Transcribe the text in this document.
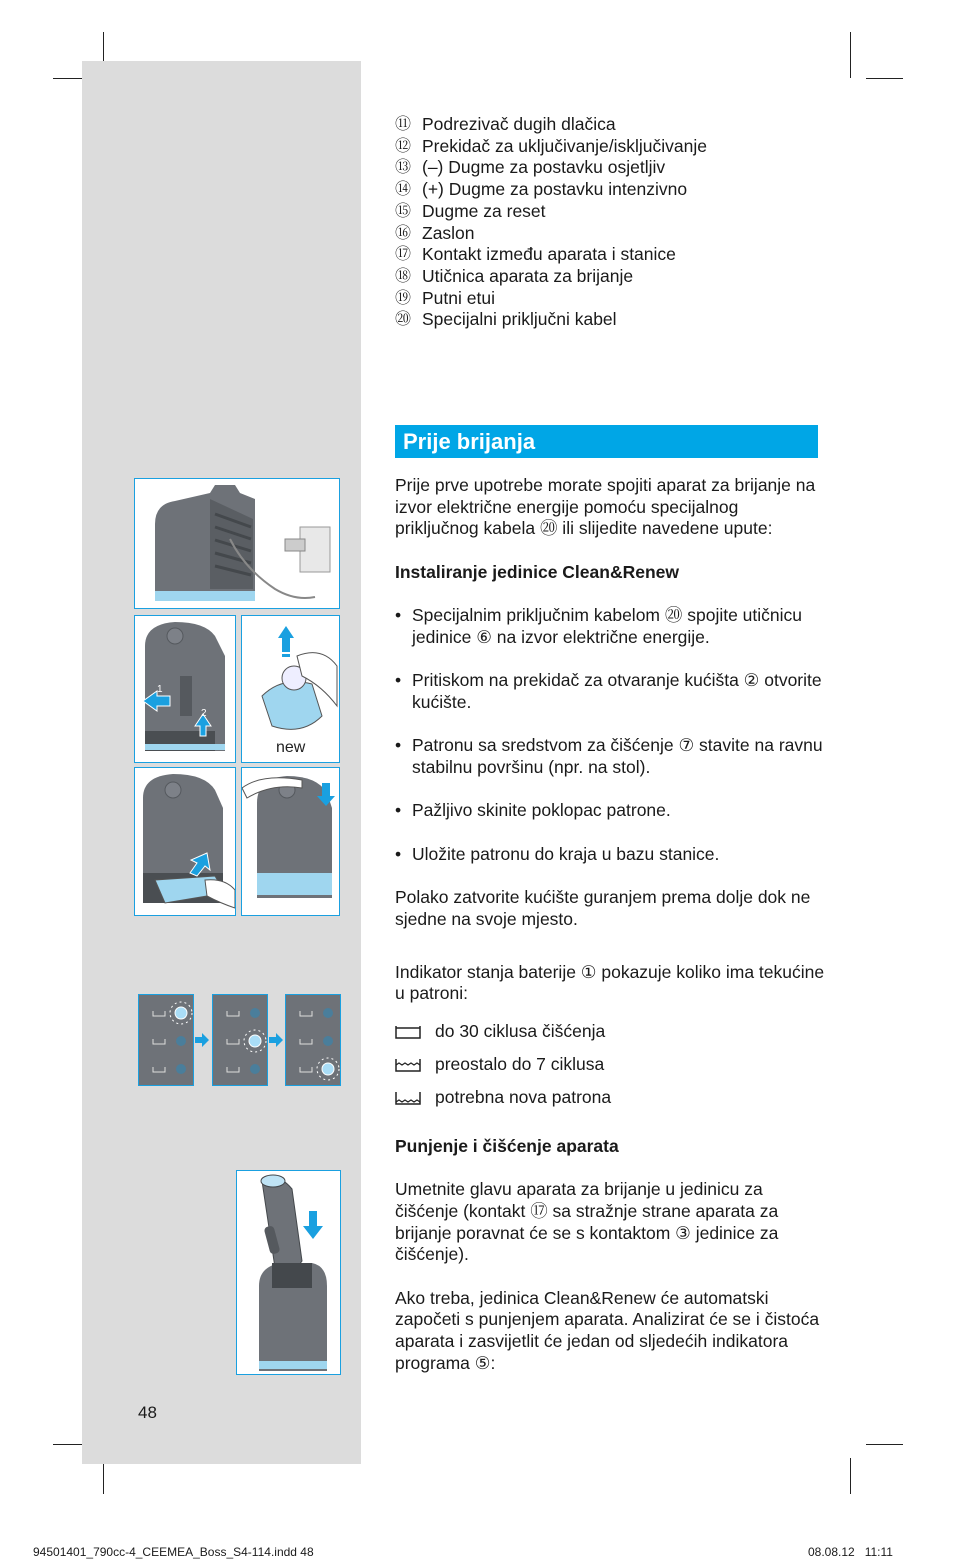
1
2
new
⑪ Podrezivač dugih dlačica
⑫ Prekidač za uključivanje/isključivanje
⑬ (–) Dugme za postavku osjetljiv
⑭ (+) Dugme za postavku intenzivno
⑮ Dugme za reset
⑯ Zaslon
⑰ Kontakt između aparata i stanice
⑱ Utičnica aparata za brijanje
⑲ Putni etui
⑳ Specijalni priključni kabel
Prije brijanja

Prije prve upotrebe morate spojiti aparat za brijanje na izvor električne energije pomoću specijalnog priključnog kabela ⑳ ili slijedite navedene upute:

Instaliranje jedinice Clean&Renew

• Specijalnim priključnim kabelom ⑳ spojite utičnicu jedinice ⑥ na izvor električne energije.
• Pritiskom na prekidač za otvaranje kućišta ② otvorite kućište.
• Patronu sa sredstvom za čišćenje ⑦ stavite na ravnu stabilnu površinu (npr. na stol).
• Pažljivo skinite poklopac patrone.
• Uložite patronu do kraja u bazu stanice.

Polako zatvorite kućište guranjem prema dolje dok ne sjedne na svoje mjesto.

Indikator stanja baterije ① pokazuje koliko ima tekućine u patroni:

do 30 ciklusa čišćenja
preostalo do 7 ciklusa
potrebna nova patrona

Punjenje i čišćenje aparata

Umetnite glavu aparata za brijanje u jedinicu za čišćenje (kontakt ⑰ sa stražnje strane aparata za brijanje poravnat će se s kontaktom ③ jedinice za čišćenje).

Ako treba, jedinica Clean&Renew će automatski započeti s punjenjem aparata. Analizirat će se i čistoća aparata i zasvijetlit će jedan od sljedećih indikatora programa ⑤:

48
94501401_790cc-4_CEEMEA_Boss_S4-114.indd 48	08.08.12   11:11
